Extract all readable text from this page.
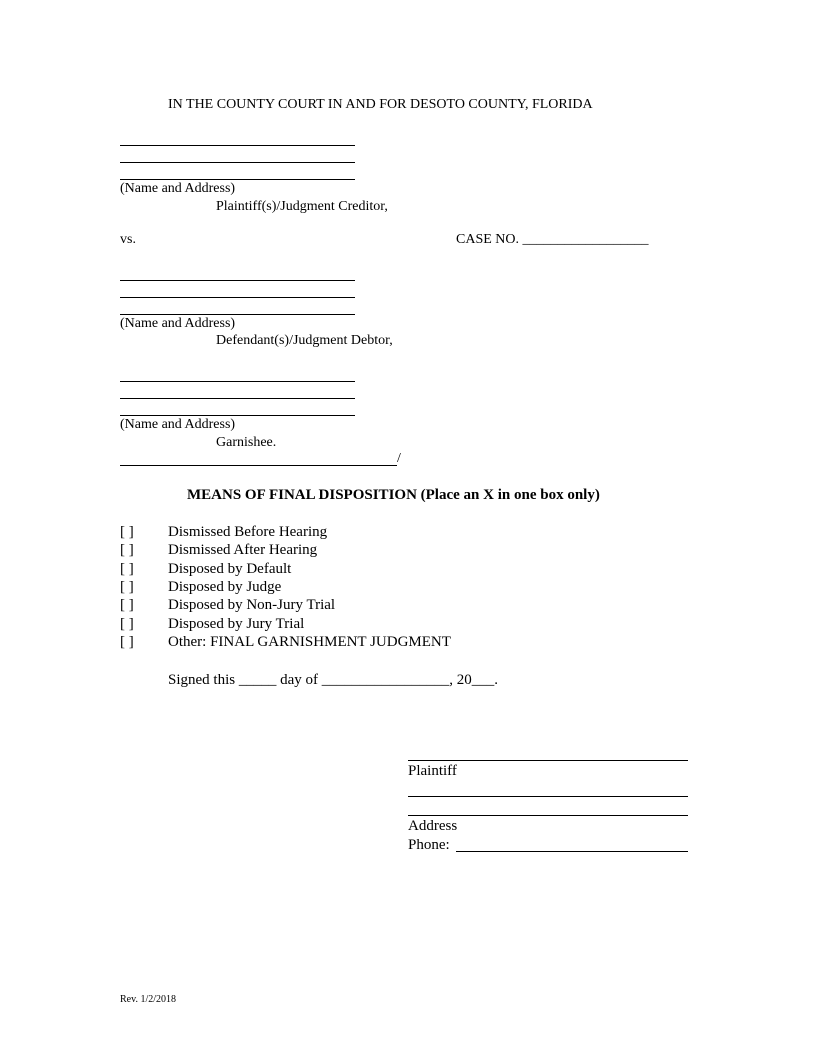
IN THE COUNTY COURT IN AND FOR DESOTO COUNTY, FLORIDA
(Name and Address)
Plaintiff(s)/Judgment Creditor,
vs.	CASE NO. __________________
(Name and Address)
Defendant(s)/Judgment Debtor,
(Name and Address)
Garnishee.
/
MEANS OF FINAL DISPOSITION (Place an X in one box only)
[ ] Dismissed Before Hearing
[ ] Dismissed After Hearing
[ ] Disposed by Default
[ ] Disposed by Judge
[ ] Disposed by Non-Jury Trial
[ ] Disposed by Jury Trial
[ ] Other: FINAL GARNISHMENT JUDGMENT
Signed this _____ day of _________________, 20___.
Plaintiff
Address
Phone:
Rev. 1/2/2018
